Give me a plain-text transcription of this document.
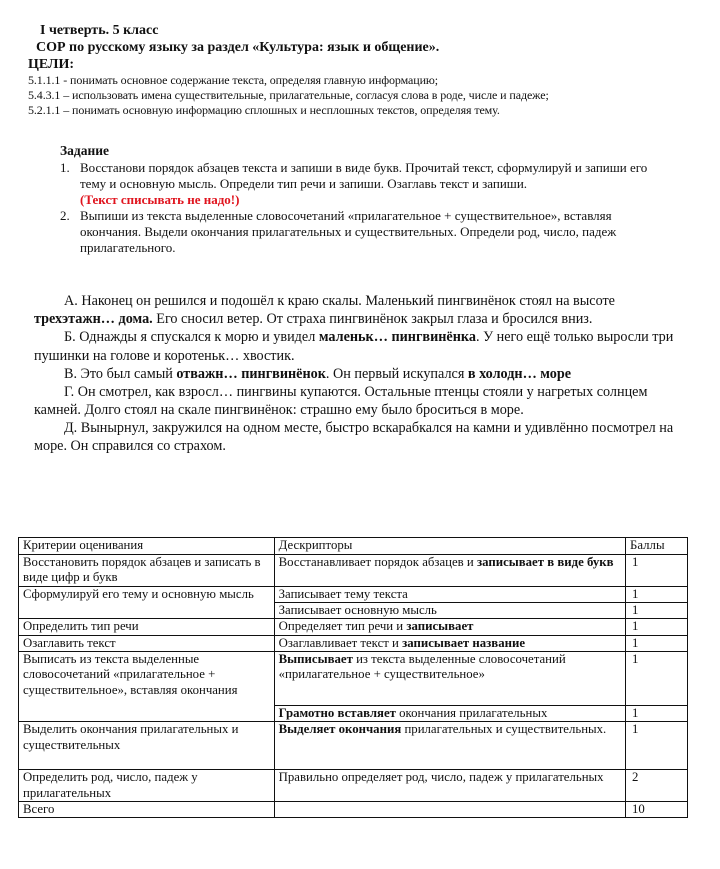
I четверть. 5 класс
СОР по русскому языку за раздел «Культура: язык и общение».
ЦЕЛИ:
5.1.1.1 - понимать основное содержание текста, определяя главную информацию;
5.4.3.1 – использовать имена существительные, прилагательные, согласуя слова в роде, числе и падеже;
5.2.1.1 – понимать основную информацию сплошных и несплошных текстов, определяя тему.
Задание
1. Восстанови порядок абзацев текста и запиши в виде букв. Прочитай текст, сформулируй и запиши его тему и основную мысль. Определи тип речи и запиши. Озаглавь текст и запиши.
(Текст списывать не надо!)
2. Выпиши из текста выделенные словосочетаний «прилагательное + существительное», вставляя окончания. Выдели окончания прилагательных и существительных. Определи род, число, падеж прилагательного.

А. Наконец он решился и подошёл к краю скалы. Маленький пингвинёнок стоял на высоте трехэтажн… дома. Его сносил ветер. От страха пингвинёнок закрыл глаза и бросился вниз.

Б. Однажды я спускался к морю и увидел маленьк… пингвинёнка. У него ещё только выросли три пушинки на голове и коротеньк… хвостик.

В. Это был самый отважн… пингвинёнок. Он первый искупался в холодн… море

Г. Он смотрел, как взросл… пингвины купаются. Остальные птенцы стояли у нагретых солнцем камней. Долго стоял на скале пингвинёнок: страшно ему было броситься в море.

Д. Вынырнул, закружился на одном месте, быстро вскарабкался на камни и удивлённо посмотрел на море. Он справился со страхом.

Критерии оценивания	Дескрипторы	Баллы
Восстановить порядок абзацев и записать в виде цифр и букв	Восстанавливает порядок абзацев и записывает в виде букв	1
Сформулируй его тему и основную мысль	Записывает тему текста	1
	Записывает основную мысль	1
Определить тип речи	Определяет тип речи и записывает	1
Озаглавить текст	Озаглавливает текст и записывает название	1
Выписать из текста выделенные словосочетаний «прилагательное + существительное», вставляя окончания	Выписывает из текста выделенные словосочетаний «прилагательное + существительное»	1
	Грамотно вставляет окончания прилагательных	1
Выделить окончания прилагательных и существительных	Выделяет окончания прилагательных и существительных.	1
Определить род, число, падеж у прилагательных	Правильно определяет род, число, падеж у прилагательных	2
Всего		10
